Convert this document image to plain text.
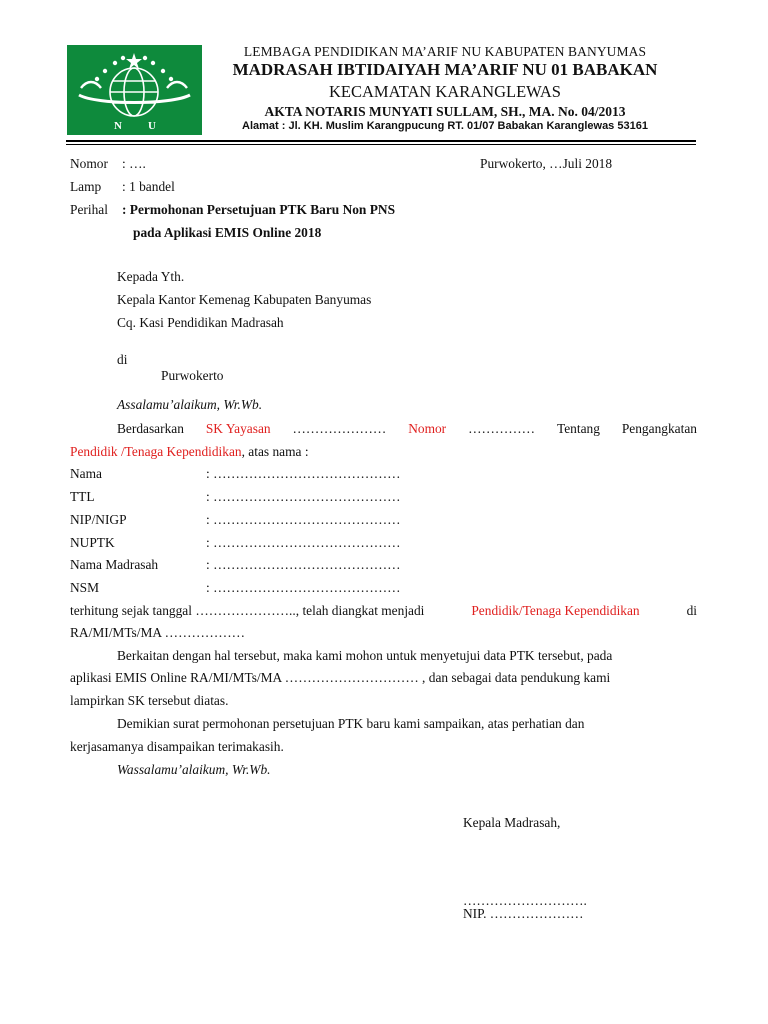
N U
LEMBAGA PENDIDIKAN MA’ARIF NU KABUPATEN BANYUMAS
MADRASAH IBTIDAIYAH MA’ARIF NU 01 BABAKAN
KECAMATAN KARANGLEWAS
AKTA NOTARIS MUNYATI SULLAM, SH., MA. No. 04/2013
Alamat : Jl. KH. Muslim Karangpucung RT. 01/07 Babakan Karanglewas 53161
Nomor : ….	Purwokerto, …Juli 2018
Lamp : 1 bandel
Perihal : Permohonan Persetujuan PTK Baru Non PNS
pada Aplikasi EMIS Online 2018
Kepada Yth.
Kepala Kantor Kemenag Kabupaten Banyumas
Cq. Kasi Pendidikan Madrasah
di
Purwokerto
Assalamu’alaikum, Wr.Wb.
Berdasarkan SK Yayasan ………………… Nomor …………… Tentang Pengangkatan
Pendidik /Tenaga Kependidikan, atas nama :
Nama	: ……………………………………
TTL	: ……………………………………
NIP/NIGP	: ……………………………………
NUPTK	: ……………………………………
Nama Madrasah	: ……………………………………
NSM	: ……………………………………
terhitung sejak tanggal ………………….., telah diangkat menjadi	Pendidik/Tenaga Kependidikan	di
RA/MI/MTs/MA ………………
Berkaitan dengan hal tersebut, maka kami mohon untuk menyetujui data PTK tersebut, pada
aplikasi EMIS Online RA/MI/MTs/MA ………………………… , dan sebagai data pendukung kami
lampirkan SK tersebut diatas.
Demikian surat permohonan persetujuan PTK baru kami sampaikan, atas perhatian dan
kerjasamanya disampaikan terimakasih.
Wassalamu’alaikum, Wr.Wb.
Kepala Madrasah,
……………………….
NIP. …………………
